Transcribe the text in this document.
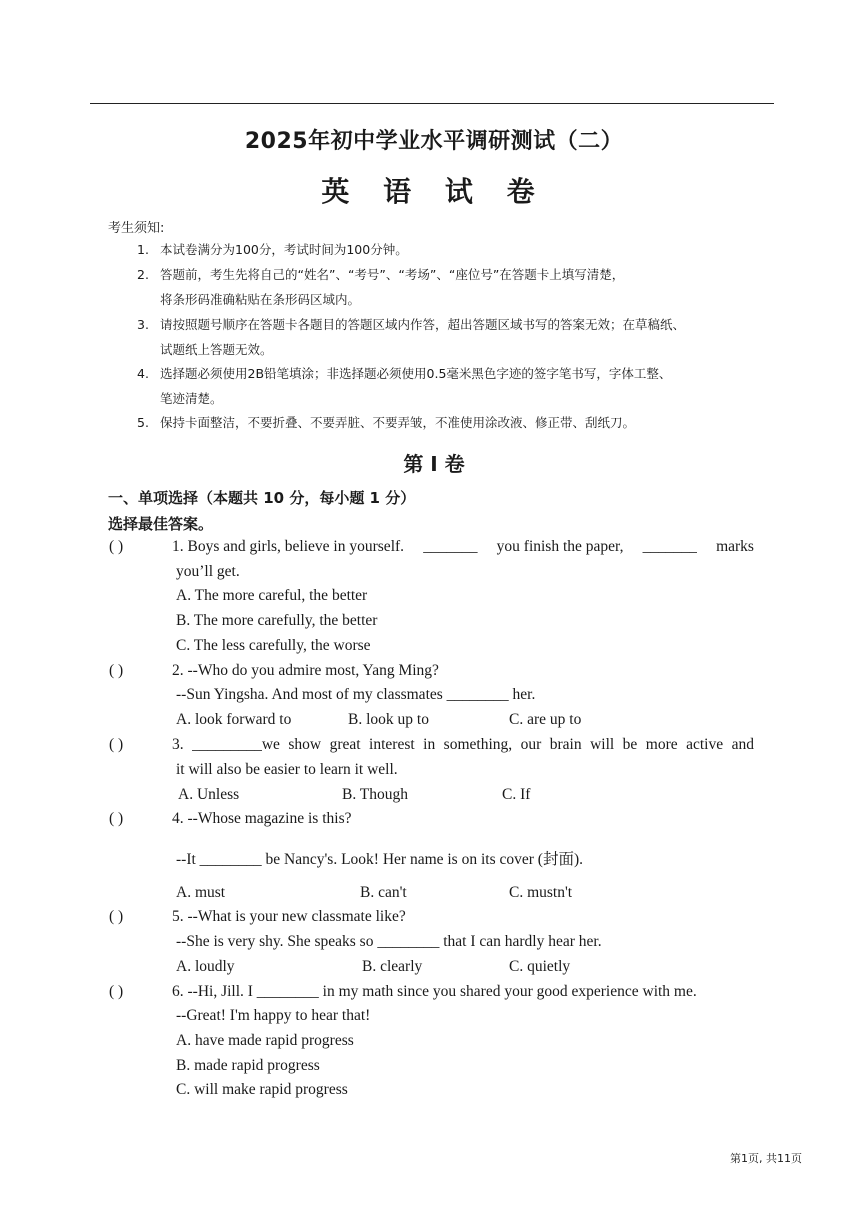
2025年初中学业水平调研测试（二）
英 语 试 卷
考生须知:
1. 本试卷满分为100分，考试时间为100分钟。
2. 答题前，考生先将自己的“姓名”、“考号”、“考场”、“座位号”在答题卡上填写清楚，
将条形码准确粘贴在条形码区域内。
3. 请按照题号顺序在答题卡各题目的答题区域内作答，超出答题区域书写的答案无效；在草稿纸、
试题纸上答题无效。
4. 选择题必须使用2B铅笔填涂；非选择题必须使用0.5毫米黑色字迹的签字笔书写，字体工整、
笔迹清楚。
5. 保持卡面整洁，不要折叠、不要弄脏、不要弄皱，不准使用涂改液、修正带、刮纸刀。
第 I 卷
一、单项选择（本题共 10 分，每小题 1 分）
选择最佳答案。
( )	1. Boys and girls, believe in yourself. _______ you finish the paper, _______ marks
you’ll get.
A. The more careful, the better
B. The more carefully, the better
C. The less carefully, the worse
( )	2. --Who do you admire most, Yang Ming?
--Sun Yingsha. And most of my classmates ________ her.
A. look forward to	B. look up to	C. are up to
( )	3. _________we show great interest in something, our brain will be more active and
it will also be easier to learn it well.
A. Unless	B. Though	C. If
( )	4. --Whose magazine is this?
--It ________ be Nancy's. Look! Her name is on its cover (封面).
A. must	B. can't	C. mustn't
( )	5. --What is your new classmate like?
--She is very shy. She speaks so ________ that I can hardly hear her.
A. loudly	B. clearly	C. quietly
( )	6. --Hi, Jill. I ________ in my math since you shared your good experience with me.
--Great! I'm happy to hear that!
A. have made rapid progress
B. made rapid progress
C. will make rapid progress
第1页, 共11页
